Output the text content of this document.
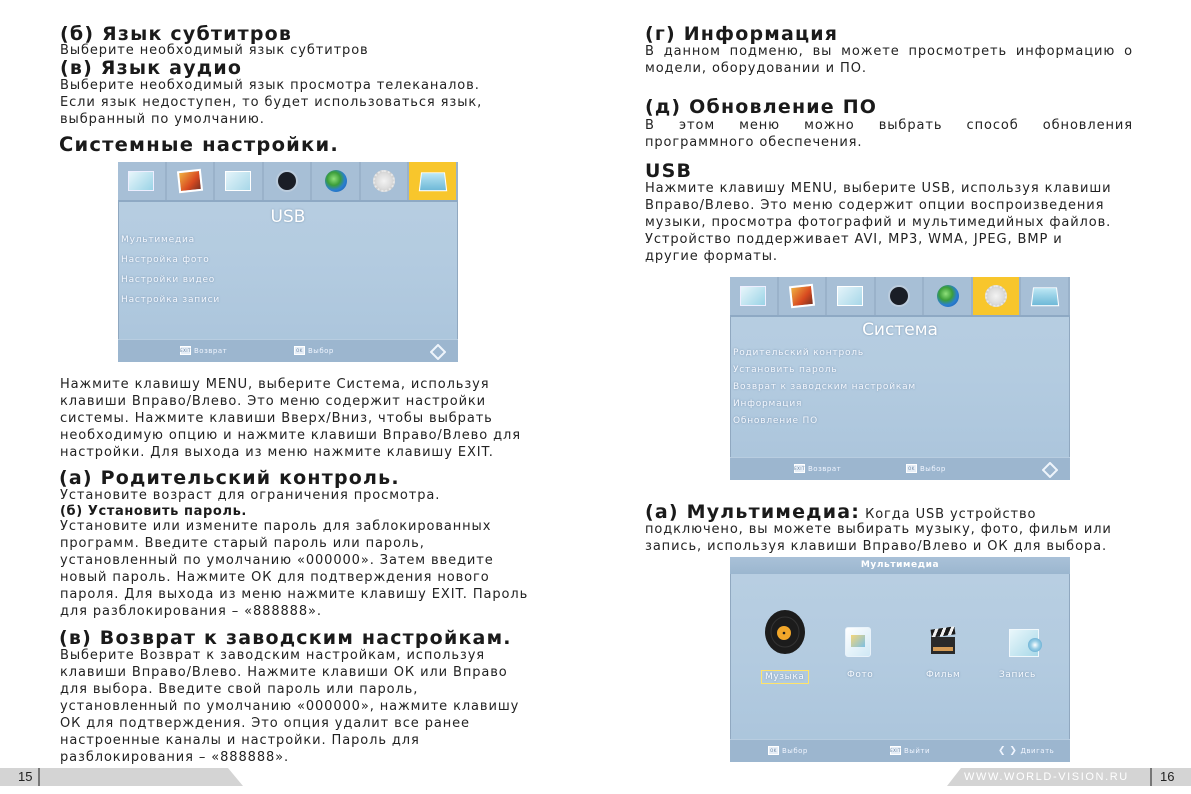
(б) Язык субтитров
Выберите необходимый язык субтитров
(в) Язык аудио
Выберите необходимый язык просмотра телеканалов.
Если язык недоступен, то будет использоваться язык,
выбранный по умолчанию.
Системные настройки.
USB
Мультимедиа
Настройка фото
Настройки видео
Настройка записи
EXIT Возврат	OK Выбор
Нажмите клавишу MENU, выберите Система, используя
клавиши Вправо/Влево. Это меню содержит настройки
системы. Нажмите клавиши Вверх/Вниз, чтобы выбрать
необходимую опцию и нажмите клавиши Вправо/Влево для
настройки. Для выхода из меню нажмите клавишу EXIT.
(а) Родительский контроль.
Установите возраст для ограничения просмотра.
(б) Установить пароль.
Установите или измените пароль для заблокированных
программ. Введите старый пароль или пароль,
установленный по умолчанию «000000». Затем введите
новый пароль. Нажмите ОК для подтверждения нового
пароля. Для выхода из меню нажмите клавишу EXIT. Пароль
для разблокирования – «888888».
(в) Возврат к заводским настройкам.
Выберите Возврат к заводским настройкам, используя
клавиши Вправо/Влево. Нажмите клавиши ОК или Вправо
для выбора. Введите свой пароль или пароль,
установленный по умолчанию «000000», нажмите клавишу
ОК для подтверждения. Это опция удалит все ранее
настроенные каналы и настройки. Пароль для
разблокирования – «888888».
(г) Информация
В данном подменю, вы можете просмотреть информацию о
модели, оборудовании и ПО.
(д) Обновление ПО
В этом меню можно выбрать способ обновления
программного обеспечения.
USB
Нажмите клавишу MENU, выберите USB, используя клавиши
Вправо/Влево. Это меню содержит опции воспроизведения
музыки, просмотра фотографий и мультимедийных файлов.
Устройство поддерживает AVI, MP3, WMA, JPEG, BMP и
другие форматы.
Система
Родительский контроль
Установить пароль
Возврат к заводским настройкам
Информация
Обновление ПО
EXIT Возврат	OK Выбор
(а) Мультимедиа: Когда USB устройство
подключено, вы можете выбирать музыку, фото, фильм или
запись, используя клавиши Вправо/Влево и ОК для выбора.
Мультимедиа
Музыка	Фото	Фильм	Запись
OK Выбор	EXIT Выйти	❮ ❯ Двигать
15	WWW.WORLD-VISION.RU 16
